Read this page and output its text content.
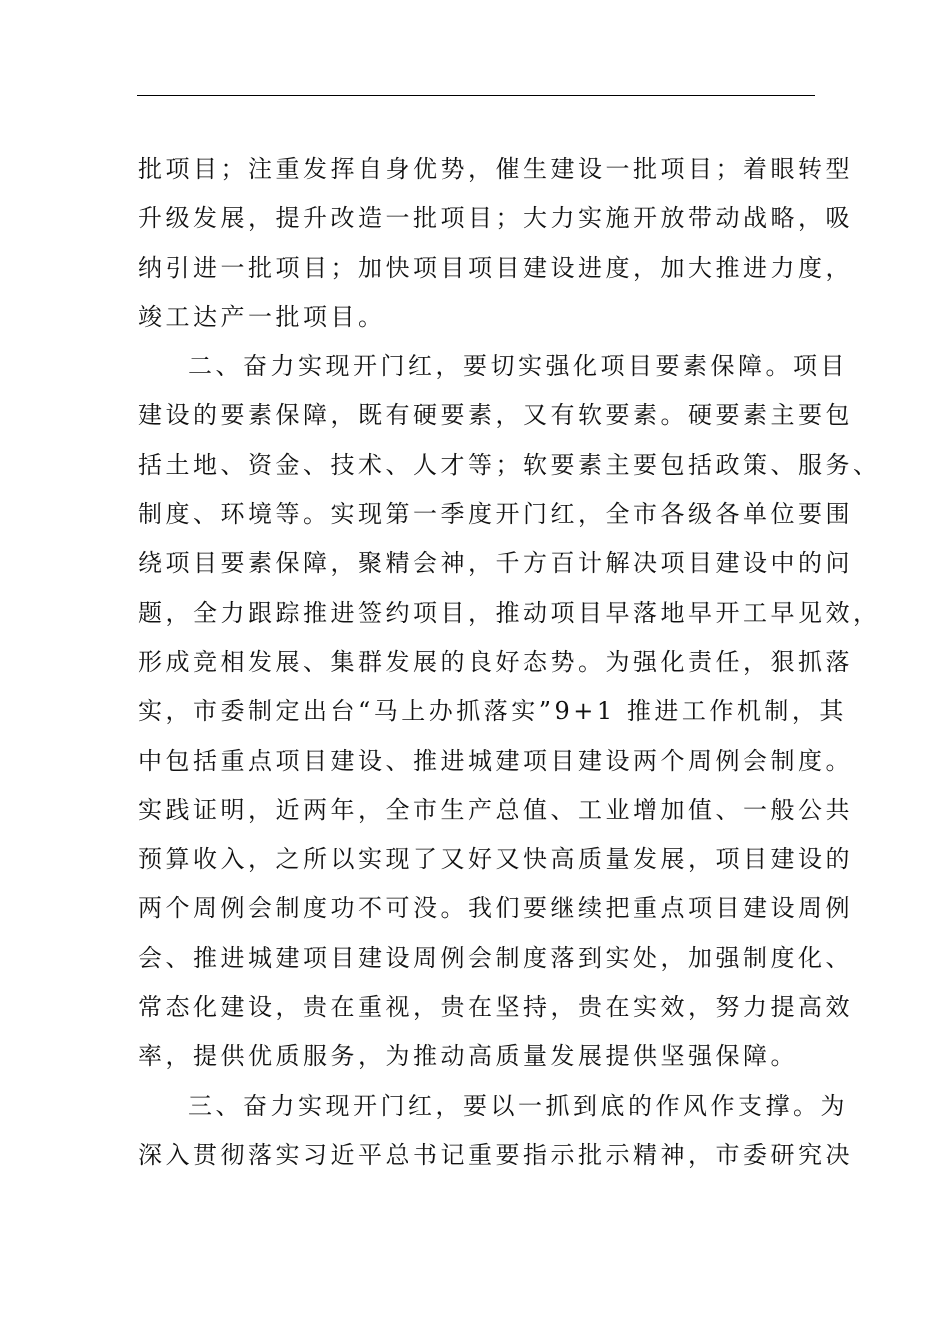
批项目；注重发挥自身优势，催生建设一批项目；着眼转型
升级发展，提升改造一批项目；大力实施开放带动战略，吸
纳引进一批项目；加快项目项目建设进度，加大推进力度，
竣工达产一批项目。
二、奋力实现开门红，要切实强化项目要素保障。项目
建设的要素保障，既有硬要素，又有软要素。硬要素主要包
括土地、资金、技术、人才等；软要素主要包括政策、服务、
制度、环境等。实现第一季度开门红，全市各级各单位要围
绕项目要素保障，聚精会神，千方百计解决项目建设中的问
题，全力跟踪推进签约项目，推动项目早落地早开工早见效，
形成竞相发展、集群发展的良好态势。为强化责任，狠抓落
实，市委制定出台“马上办抓落实”9+1 推进工作机制，其
中包括重点项目建设、推进城建项目建设两个周例会制度。
实践证明，近两年，全市生产总值、工业增加值、一般公共
预算收入，之所以实现了又好又快高质量发展，项目建设的
两个周例会制度功不可没。我们要继续把重点项目建设周例
会、推进城建项目建设周例会制度落到实处，加强制度化、
常态化建设，贵在重视，贵在坚持，贵在实效，努力提高效
率，提供优质服务，为推动高质量发展提供坚强保障。
三、奋力实现开门红，要以一抓到底的作风作支撑。为
深入贯彻落实习近平总书记重要指示批示精神，市委研究决
